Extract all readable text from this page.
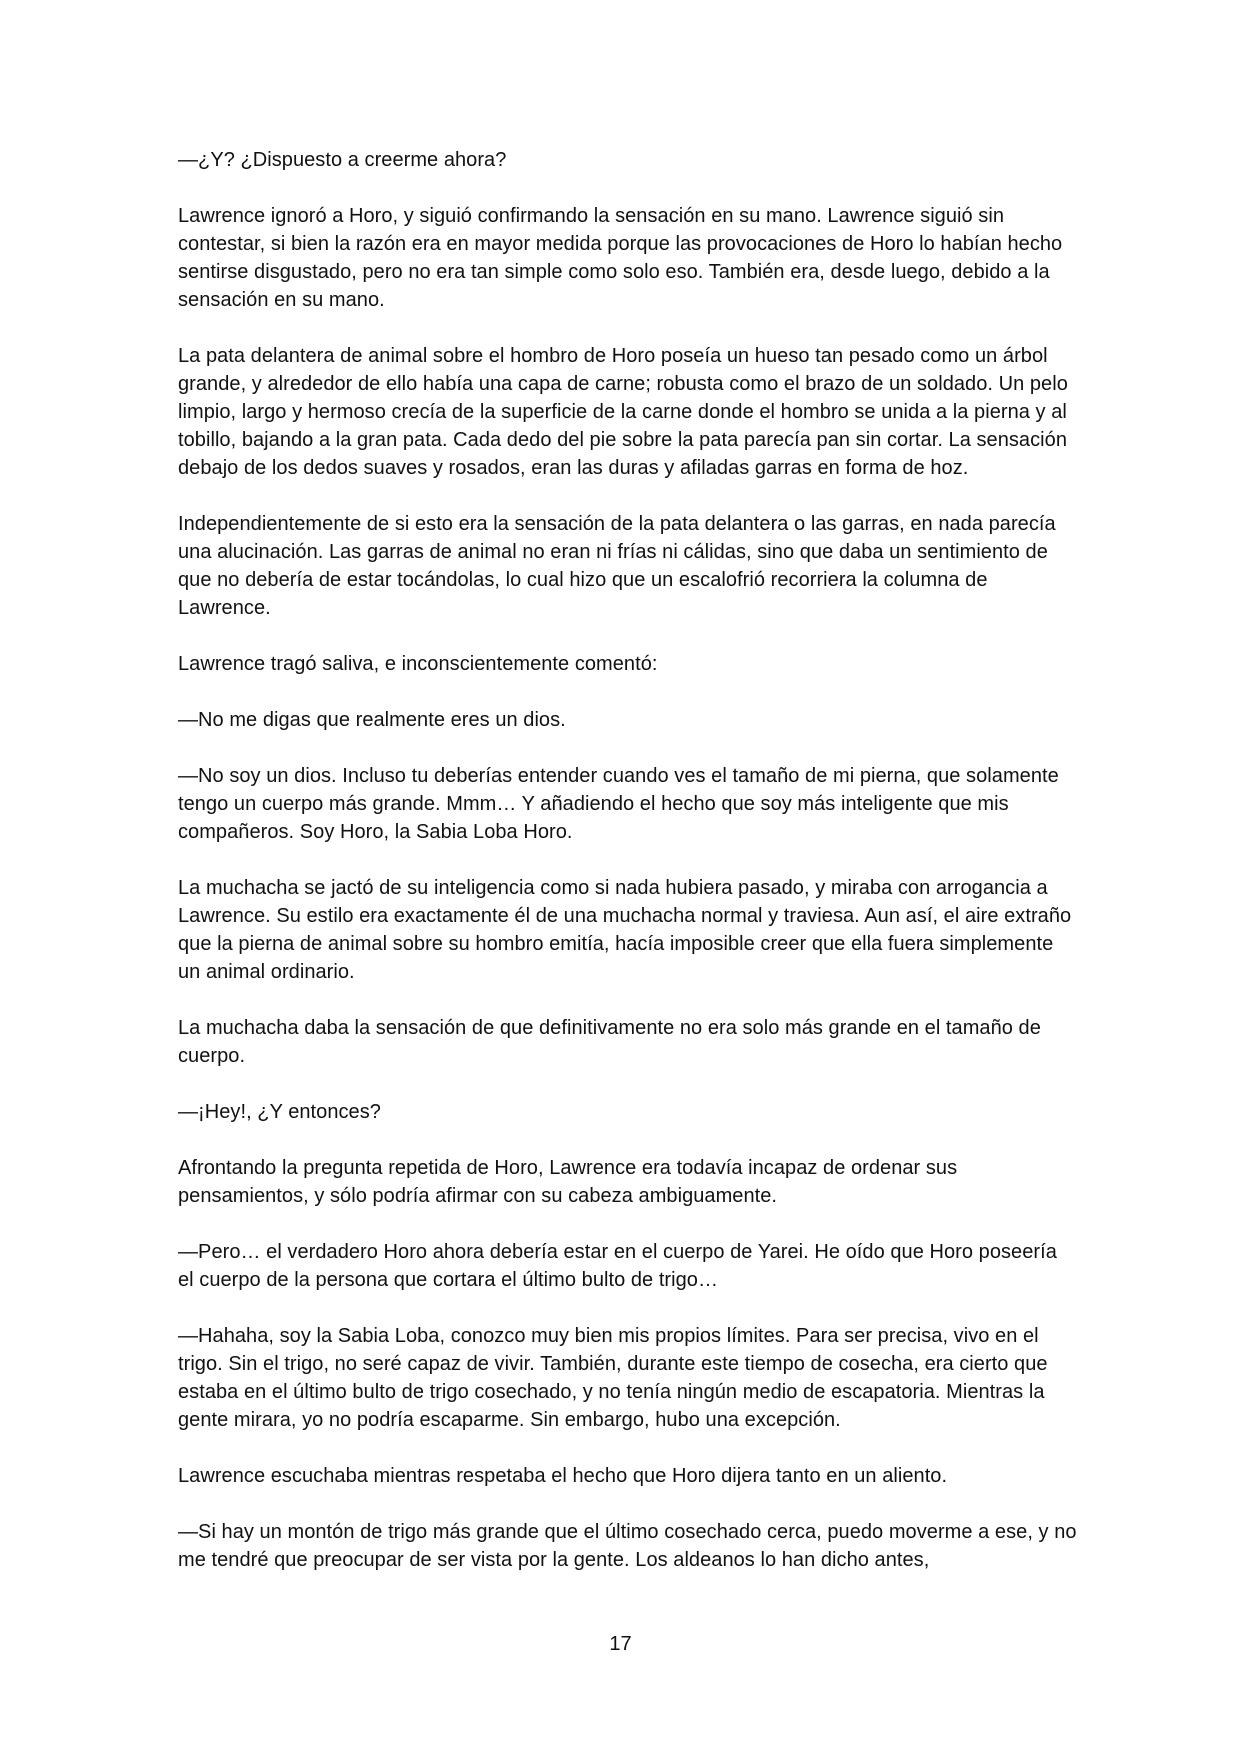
—¿Y? ¿Dispuesto a creerme ahora?

Lawrence ignoró a Horo, y siguió confirmando la sensación en su mano. Lawrence siguió sin contestar, si bien la razón era en mayor medida porque las provocaciones de Horo lo habían hecho sentirse disgustado, pero no era tan simple como solo eso. También era, desde luego, debido a la sensación en su mano.

La pata delantera de animal sobre el hombro de Horo poseía un hueso tan pesado como un árbol grande, y alrededor de ello había una capa de carne; robusta como el brazo de un soldado. Un pelo limpio, largo y hermoso crecía de la superficie de la carne donde el hombro se unida a la pierna y al tobillo, bajando a la gran pata. Cada dedo del pie sobre la pata parecía pan sin cortar. La sensación debajo de los dedos suaves y rosados, eran las duras y afiladas garras en forma de hoz.

Independientemente de si esto era la sensación de la pata delantera o las garras, en nada parecía una alucinación. Las garras de animal no eran ni frías ni cálidas, sino que daba un sentimiento de que no debería de estar tocándolas, lo cual hizo que un escalofrió recorriera la columna de Lawrence.

Lawrence tragó saliva, e inconscientemente comentó:

—No me digas que realmente eres un dios.

—No soy un dios. Incluso tu deberías entender cuando ves el tamaño de mi pierna, que solamente tengo un cuerpo más grande. Mmm… Y añadiendo el hecho que soy más inteligente que mis compañeros. Soy Horo, la Sabia Loba Horo.

La muchacha se jactó de su inteligencia como si nada hubiera pasado, y miraba con arrogancia a Lawrence. Su estilo era exactamente él de una muchacha normal y traviesa. Aun así, el aire extraño que la pierna de animal sobre su hombro emitía, hacía imposible creer que ella fuera simplemente un animal ordinario.

La muchacha daba la sensación de que definitivamente no era solo más grande en el tamaño de cuerpo.

—¡Hey!, ¿Y entonces?

Afrontando la pregunta repetida de Horo, Lawrence era todavía incapaz de ordenar sus pensamientos, y sólo podría afirmar con su cabeza ambiguamente.

—Pero… el verdadero Horo ahora debería estar en el cuerpo de Yarei. He oído que Horo poseería el cuerpo de la persona que cortara el último bulto de trigo…

—Hahaha, soy la Sabia Loba, conozco muy bien mis propios límites. Para ser precisa, vivo en el trigo. Sin el trigo, no seré capaz de vivir. También, durante este tiempo de cosecha, era cierto que estaba en el último bulto de trigo cosechado, y no tenía ningún medio de escapatoria. Mientras la gente mirara, yo no podría escaparme. Sin embargo, hubo una excepción.

Lawrence escuchaba mientras respetaba el hecho que Horo dijera tanto en un aliento.

—Si hay un montón de trigo más grande que el último cosechado cerca, puedo moverme a ese, y no me tendré que preocupar de ser vista por la gente. Los aldeanos lo han dicho antes,

17
